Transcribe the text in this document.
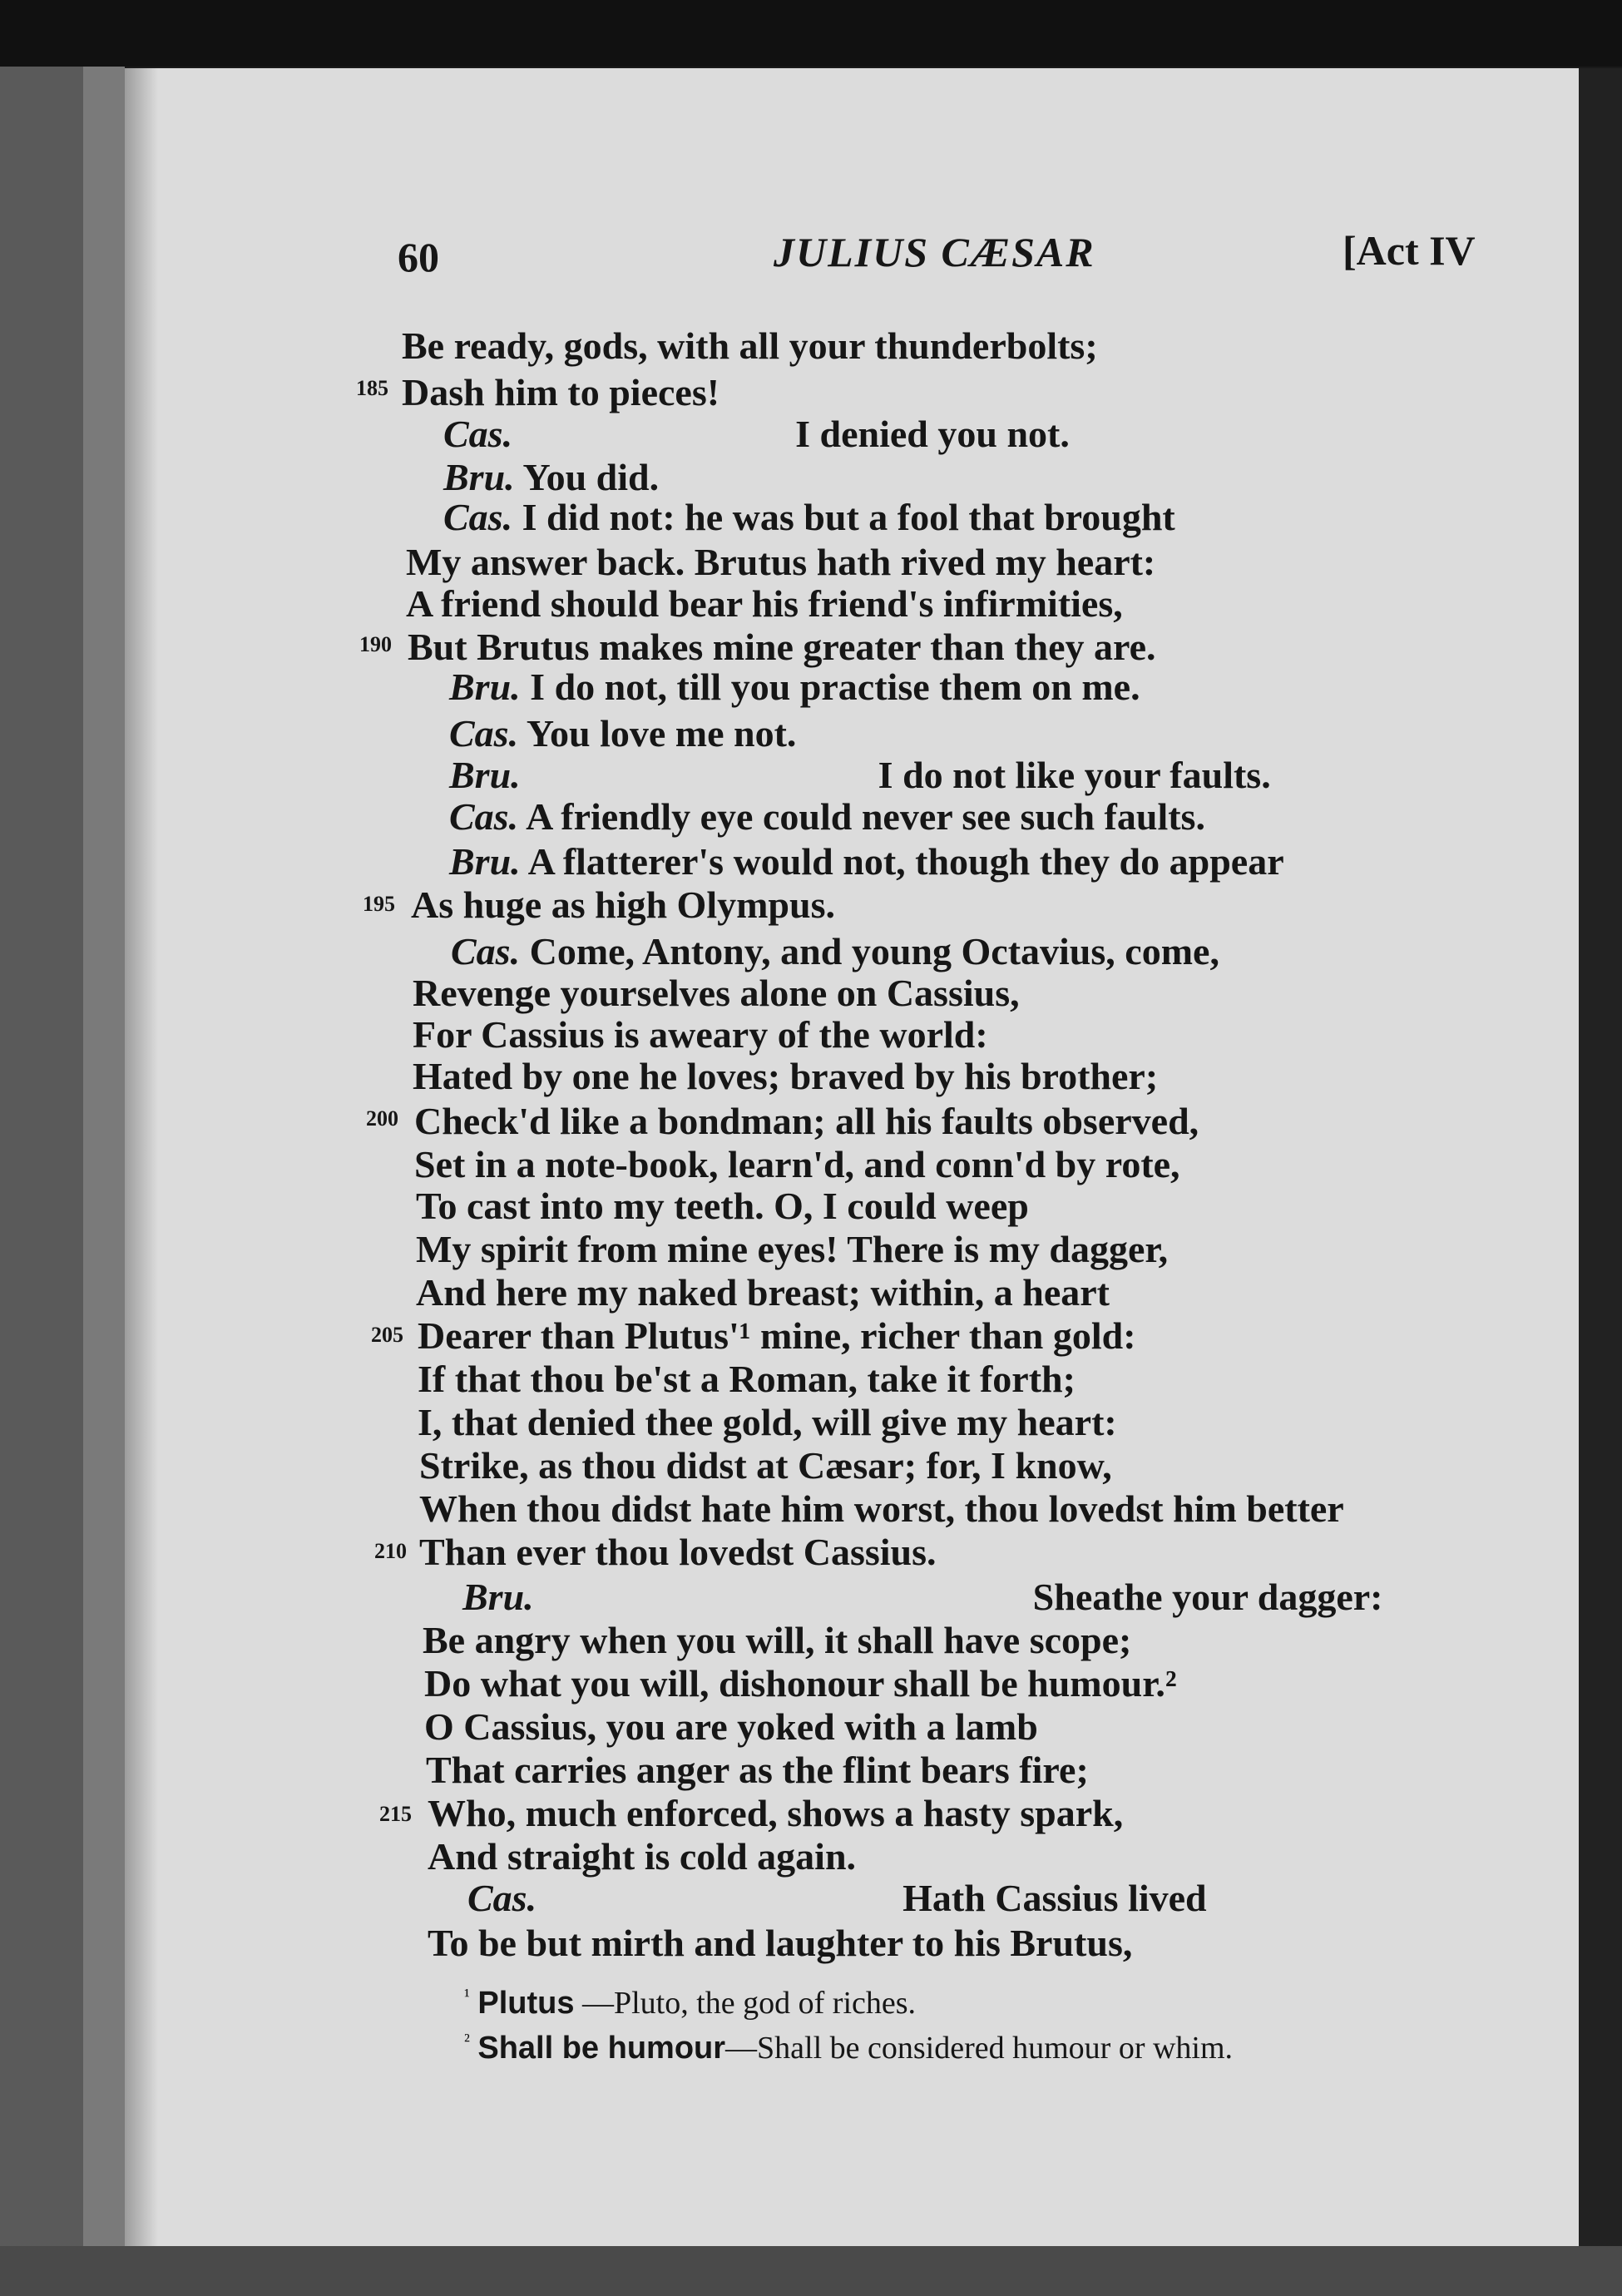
60	JULIUS CÆSAR	[Act IV
Be ready, gods, with all your thunderbolts;
185 Dash him to pieces!
Cas.	I denied you not.
Bru. You did.
Cas. I did not: he was but a fool that brought
My answer back. Brutus hath rived my heart:
A friend should bear his friend's infirmities,
190 But Brutus makes mine greater than they are.
Bru. I do not, till you practise them on me.
Cas. You love me not.
Bru.	I do not like your faults.
Cas. A friendly eye could never see such faults.
Bru. A flatterer's would not, though they do appear
195 As huge as high Olympus.
Cas. Come, Antony, and young Octavius, come,
Revenge yourselves alone on Cassius,
For Cassius is aweary of the world:
Hated by one he loves; braved by his brother;
200 Check'd like a bondman; all his faults observed,
Set in a note-book, learn'd, and conn'd by rote,
To cast into my teeth. O, I could weep
My spirit from mine eyes! There is my dagger,
And here my naked breast; within, a heart
205 Dearer than Plutus'¹ mine, richer than gold:
If that thou be'st a Roman, take it forth;
I, that denied thee gold, will give my heart:
Strike, as thou didst at Cæsar; for, I know,
When thou didst hate him worst, thou lovedst him better
210 Than ever thou lovedst Cassius.
Bru.	Sheathe your dagger:
Be angry when you will, it shall have scope;
Do what you will, dishonour shall be humour.²
O Cassius, you are yoked with a lamb
That carries anger as the flint bears fire;
215 Who, much enforced, shows a hasty spark,
And straight is cold again.
Cas.	Hath Cassius lived
To be but mirth and laughter to his Brutus,
$^{^1}$ Plutus —Pluto, the god of riches.
$^{^2}$ Shall be humour—Shall be considered humour or whim.
